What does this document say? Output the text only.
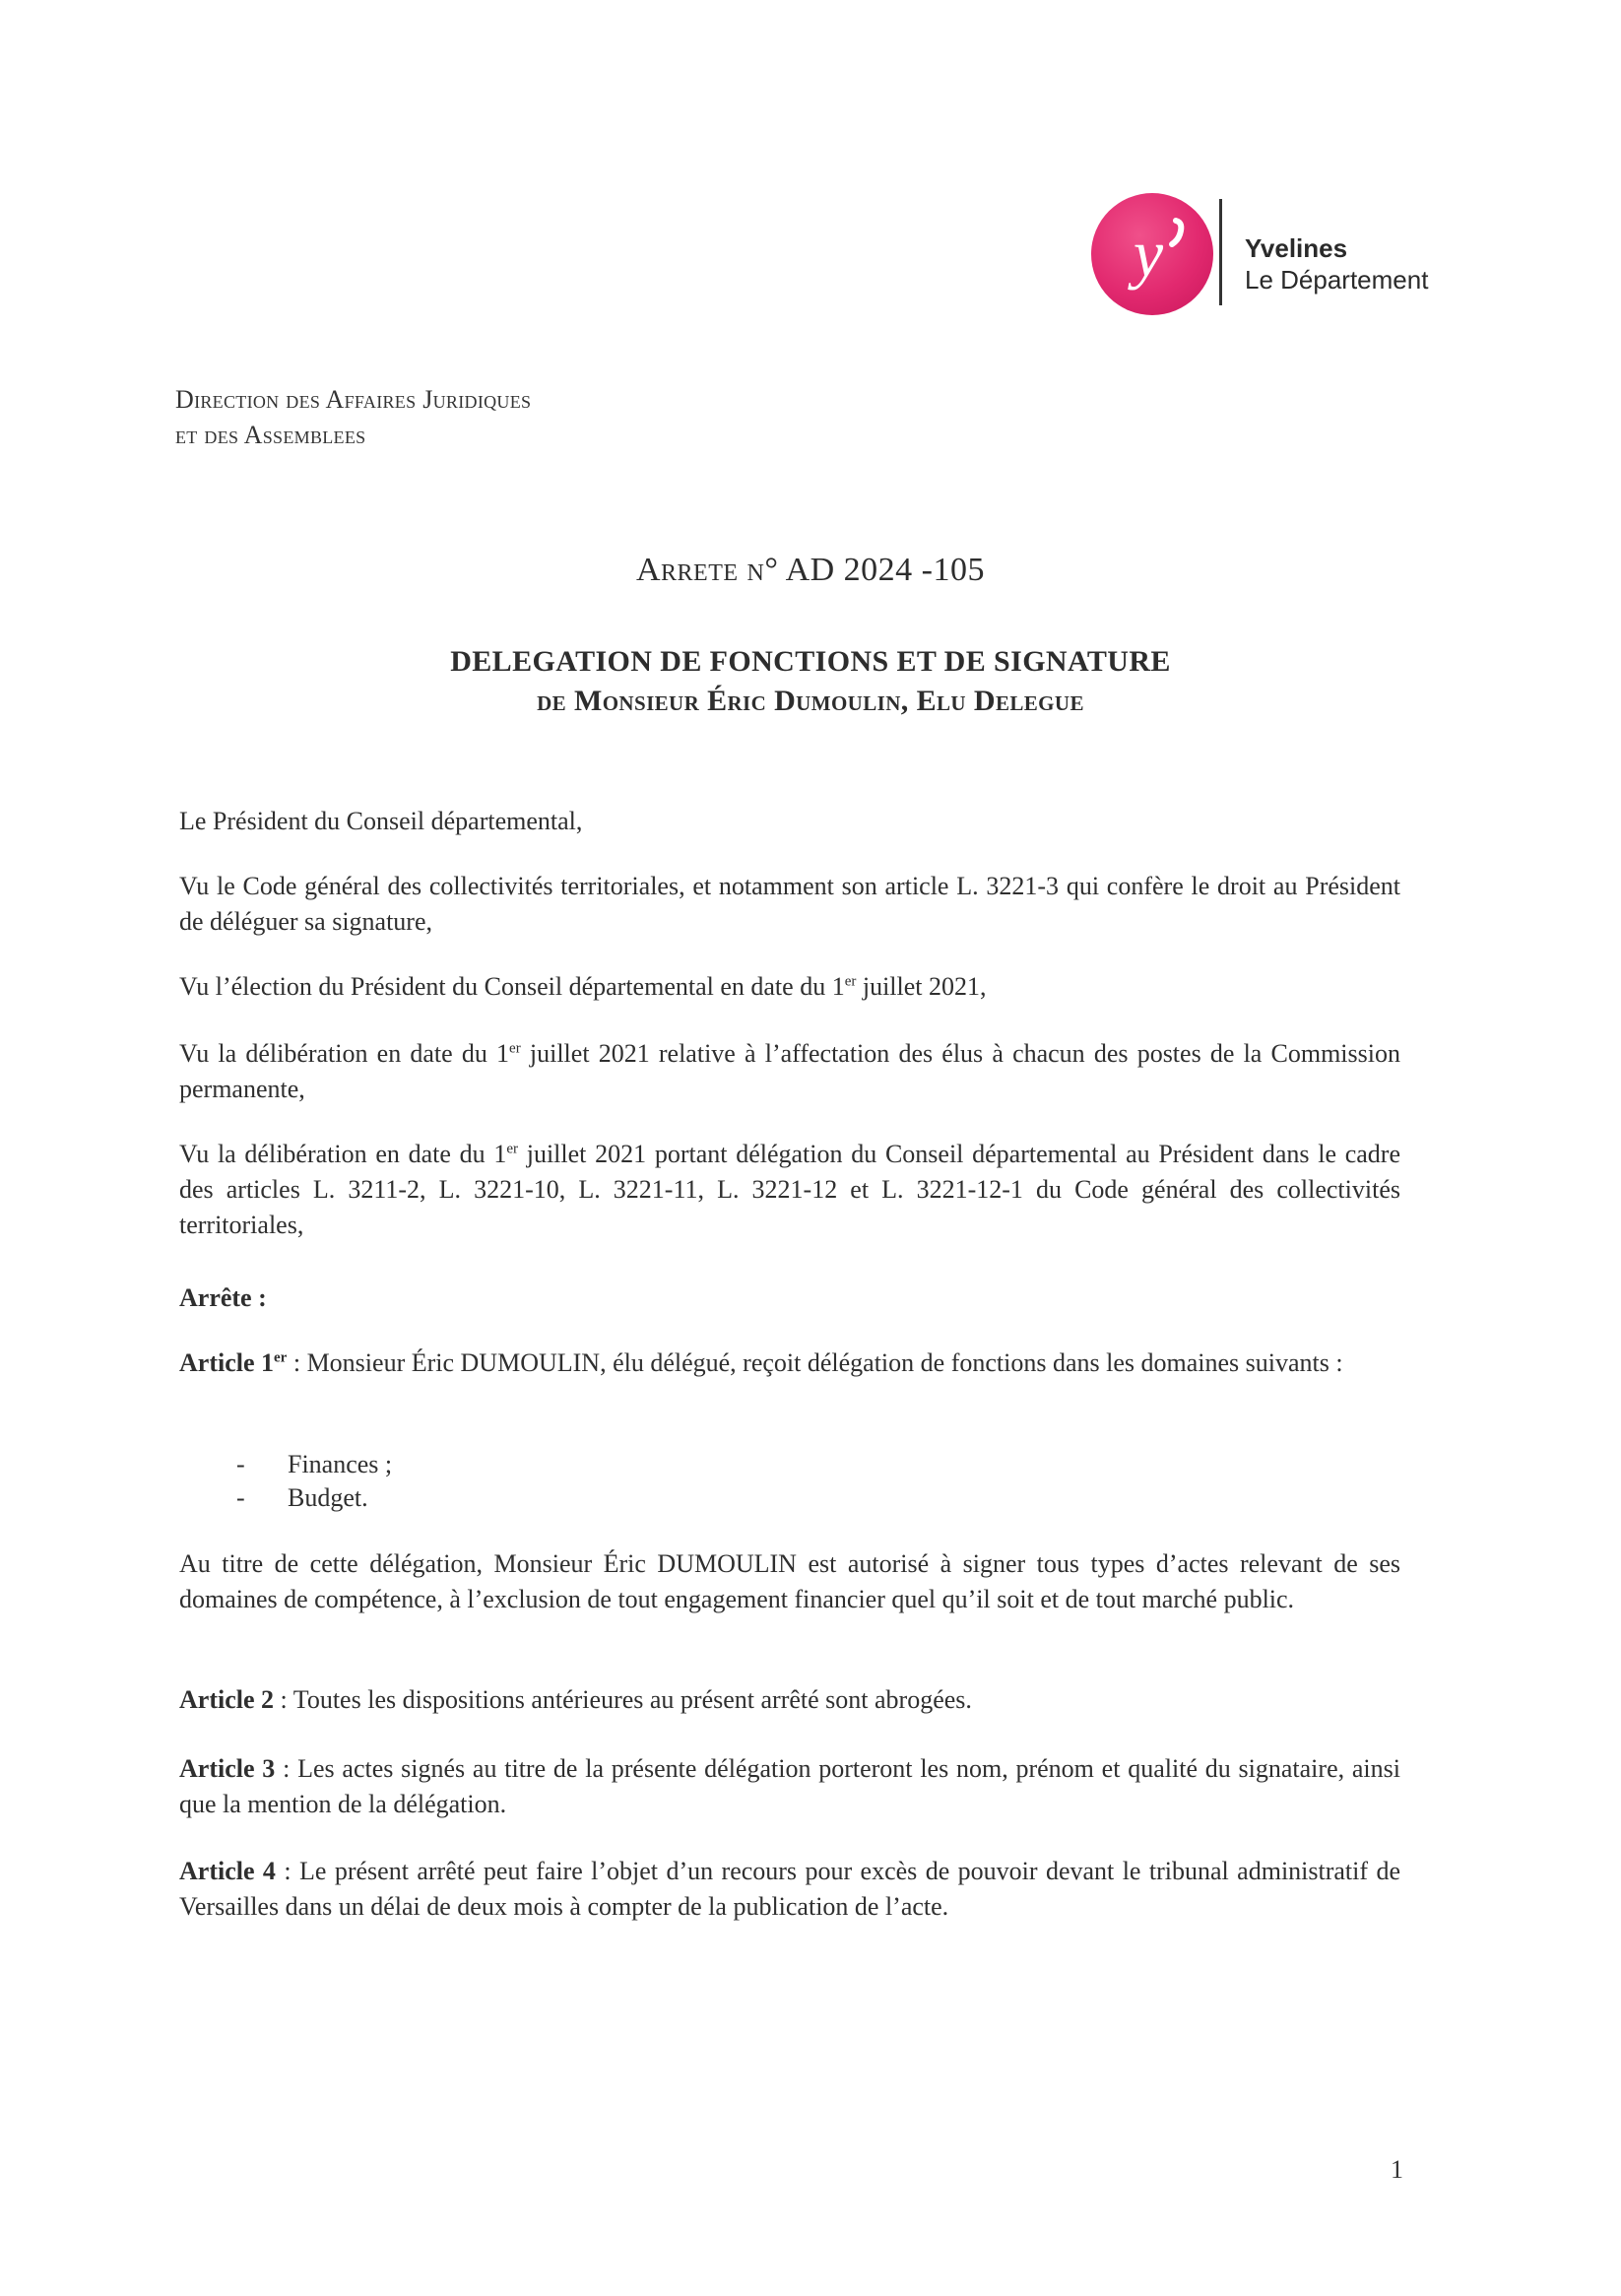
y	Yvelines
Le Département
Direction des Affaires Juridiques
et des Assemblees
Arrete n° AD 2024 -105
DELEGATION DE FONCTIONS ET DE SIGNATURE
de Monsieur Éric Dumoulin, Elu Delegue
Le Président du Conseil départemental,
Vu le Code général des collectivités territoriales, et notamment son article L. 3221-3 qui confère le droit au Président de déléguer sa signature,
Vu l’élection du Président du Conseil départemental en date du 1er juillet 2021,
Vu la délibération en date du 1er juillet 2021 relative à l’affectation des élus à chacun des postes de la Commission permanente,
Vu la délibération en date du 1er juillet 2021 portant délégation du Conseil départemental au Président dans le cadre des articles L. 3211-2, L. 3221-10, L. 3221-11, L. 3221-12 et L. 3221-12-1 du Code général des collectivités territoriales,
Arrête :
Article 1er : Monsieur Éric DUMOULIN, élu délégué, reçoit délégation de fonctions dans les domaines suivants :
- Finances ;
- Budget.
Au titre de cette délégation, Monsieur Éric DUMOULIN est autorisé à signer tous types d’actes relevant de ses domaines de compétence, à l’exclusion de tout engagement financier quel qu’il soit et de tout marché public.
Article 2 : Toutes les dispositions antérieures au présent arrêté sont abrogées.
Article 3 : Les actes signés au titre de la présente délégation porteront les nom, prénom et qualité du signataire, ainsi que la mention de la délégation.
Article 4 : Le présent arrêté peut faire l’objet d’un recours pour excès de pouvoir devant le tribunal administratif de Versailles dans un délai de deux mois à compter de la publication de l’acte.
1
